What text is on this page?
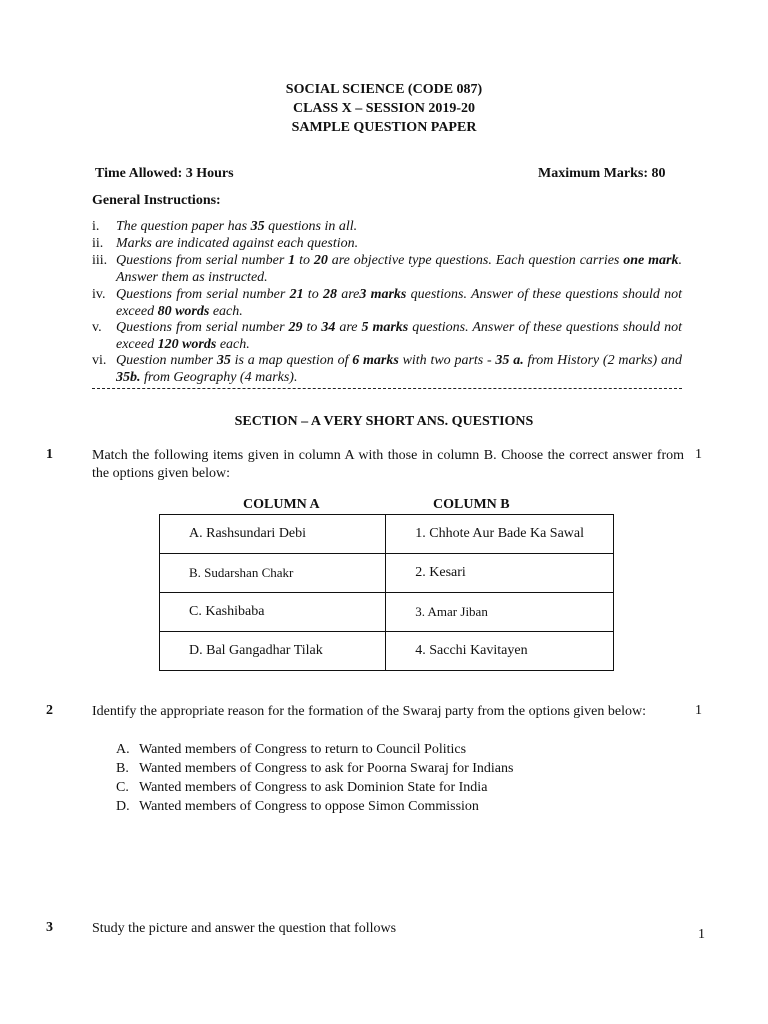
SOCIAL SCIENCE (CODE 087)
CLASS X – SESSION 2019-20
SAMPLE QUESTION PAPER
Time Allowed: 3 Hours	Maximum Marks: 80
General Instructions:
i. The question paper has 35 questions in all.
ii. Marks are indicated against each question.
iii. Questions from serial number 1 to 20 are objective type questions. Each question carries one mark. Answer them as instructed.
iv. Questions from serial number 21 to 28 are3 marks questions. Answer of these questions should not exceed 80 words each.
v. Questions from serial number 29 to 34 are 5 marks questions. Answer of these questions should not exceed 120 words each.
vi. Question number 35 is a map question of 6 marks with two parts - 35 a. from History (2 marks) and 35b. from Geography (4 marks).
SECTION – A VERY SHORT ANS. QUESTIONS
1	Match the following items given in column A with those in column B. Choose the correct answer from the options given below:
1
COLUMN A	COLUMN B
A. Rashsundari Debi	1. Chhote Aur Bade Ka Sawal
B. Sudarshan Chakr	2. Kesari
C. Kashibaba	3. Amar Jiban
D. Bal Gangadhar Tilak	4. Sacchi Kavitayen
2	Identify the appropriate reason for the formation of the Swaraj party from the options given below:	1
A. Wanted members of Congress to return to Council Politics
B. Wanted members of Congress to ask for Poorna Swaraj for Indians
C. Wanted members of Congress to ask Dominion State for India
D. Wanted members of Congress to oppose Simon Commission
3	Study the picture and answer the question that follows	1
